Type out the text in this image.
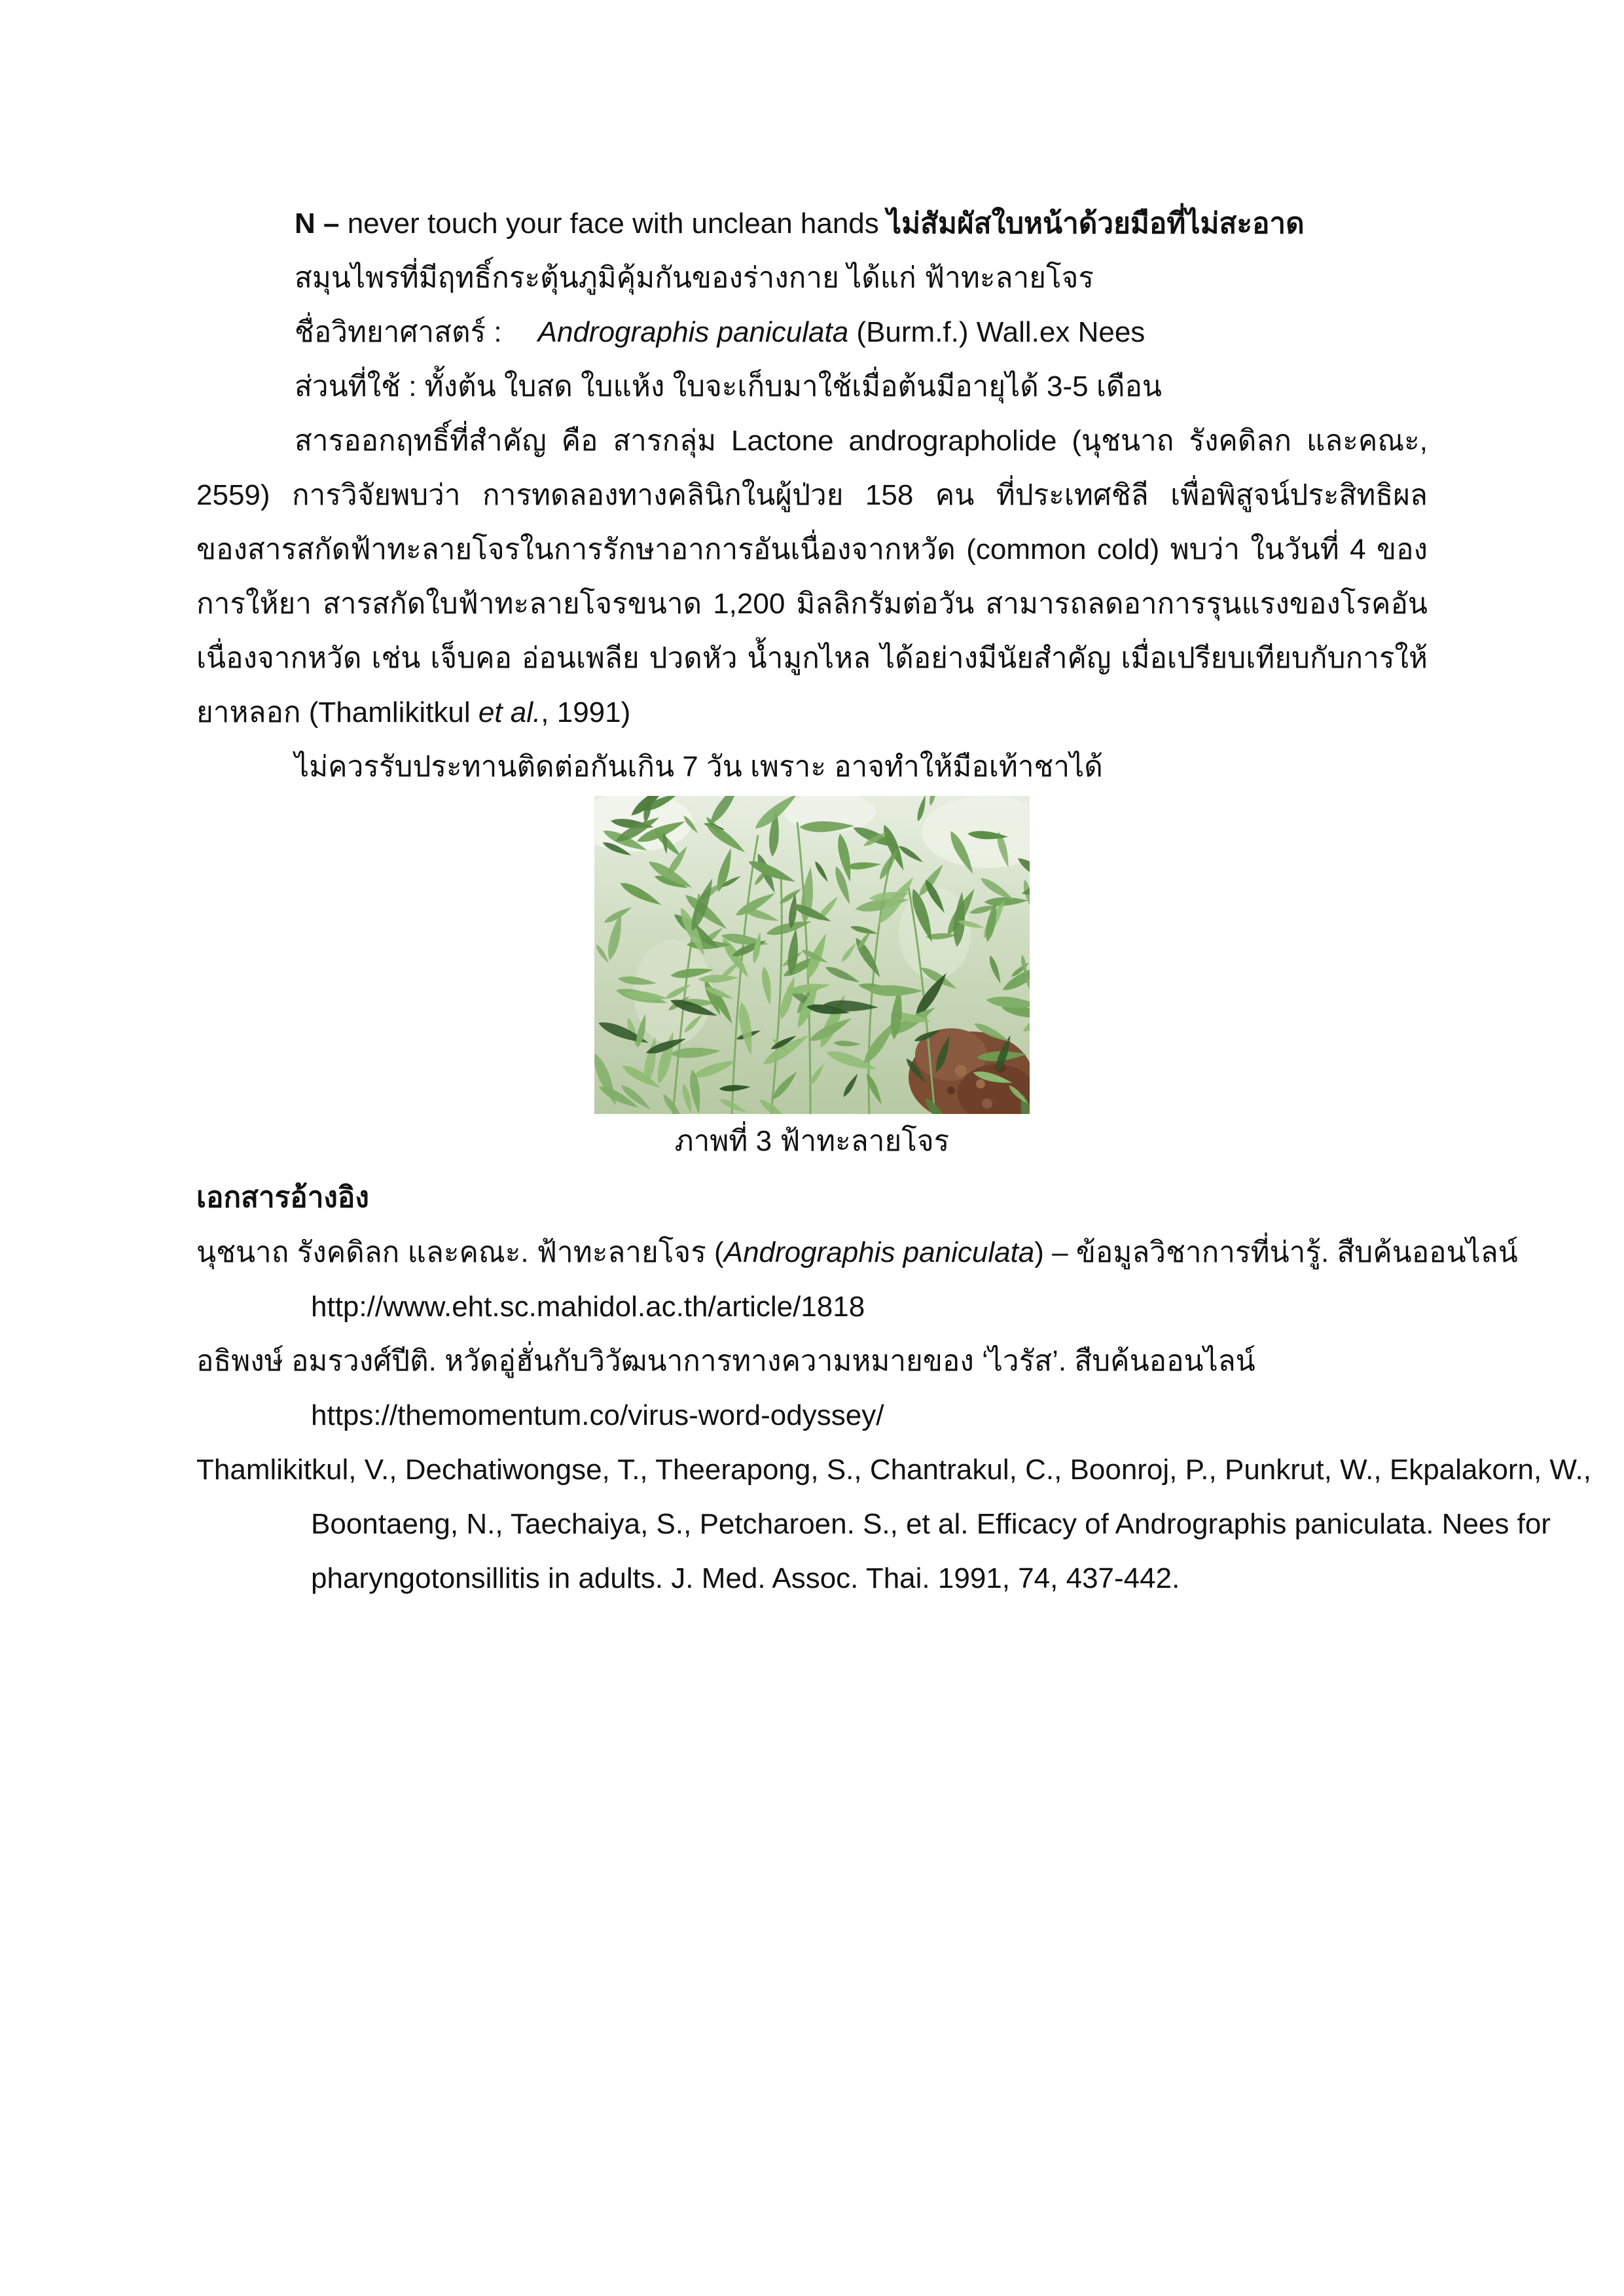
N – never touch your face with unclean hands ไม่สัมผัสใบหน้าด้วยมือที่ไม่สะอาด
สมุนไพรที่มีฤทธิ์กระตุ้นภูมิคุ้มกันของร่างกาย ได้แก่ ฟ้าทะลายโจร
ชื่อวิทยาศาสตร์ : Andrographis paniculata (Burm.f.) Wall.ex Nees
ส่วนที่ใช้ : ทั้งต้น ใบสด ใบแห้ง ใบจะเก็บมาใช้เมื่อต้นมีอายุได้ 3-5 เดือน
สารออกฤทธิ์ที่สำคัญ คือ สารกลุ่ม Lactone andrographolide (นุชนาถ รังคดิลก และคณะ,
2559) การวิจัยพบว่า การทดลองทางคลินิกในผู้ป่วย 158 คน ที่ประเทศชิลี เพื่อพิสูจน์ประสิทธิผล
ของสารสกัดฟ้าทะลายโจรในการรักษาอาการอันเนื่องจากหวัด (common cold) พบว่า ในวันที่ 4 ของ
การให้ยา สารสกัดใบฟ้าทะลายโจรขนาด 1,200 มิลลิกรัมต่อวัน สามารถลดอาการรุนแรงของโรคอัน
เนื่องจากหวัด เช่น เจ็บคอ อ่อนเพลีย ปวดหัว น้ำมูกไหล ได้อย่างมีนัยสำคัญ เมื่อเปรียบเทียบกับการให้
ยาหลอก (Thamlikitkul et al., 1991)
ไม่ควรรับประทานติดต่อกันเกิน 7 วัน เพราะ อาจทำให้มือเท้าชาได้
ภาพที่ 3 ฟ้าทะลายโจร
เอกสารอ้างอิง
นุชนาถ รังคดิลก และคณะ. ฟ้าทะลายโจร (Andrographis paniculata) – ข้อมูลวิชาการที่น่ารู้. สืบค้นออนไลน์
http://www.eht.sc.mahidol.ac.th/article/1818
อธิพงษ์ อมรวงศ์ปีติ. หวัดอู่ฮั่นกับวิวัฒนาการทางความหมายของ ‘ไวรัส’. สืบค้นออนไลน์
https://themomentum.co/virus-word-odyssey/
Thamlikitkul, V., Dechatiwongse, T., Theerapong, S., Chantrakul, C., Boonroj, P., Punkrut, W., Ekpalakorn, W.,
Boontaeng, N., Taechaiya, S., Petcharoen. S., et al. Efficacy of Andrographis paniculata. Nees for
pharyngotonsillitis in adults. J. Med. Assoc. Thai. 1991, 74, 437-442.
